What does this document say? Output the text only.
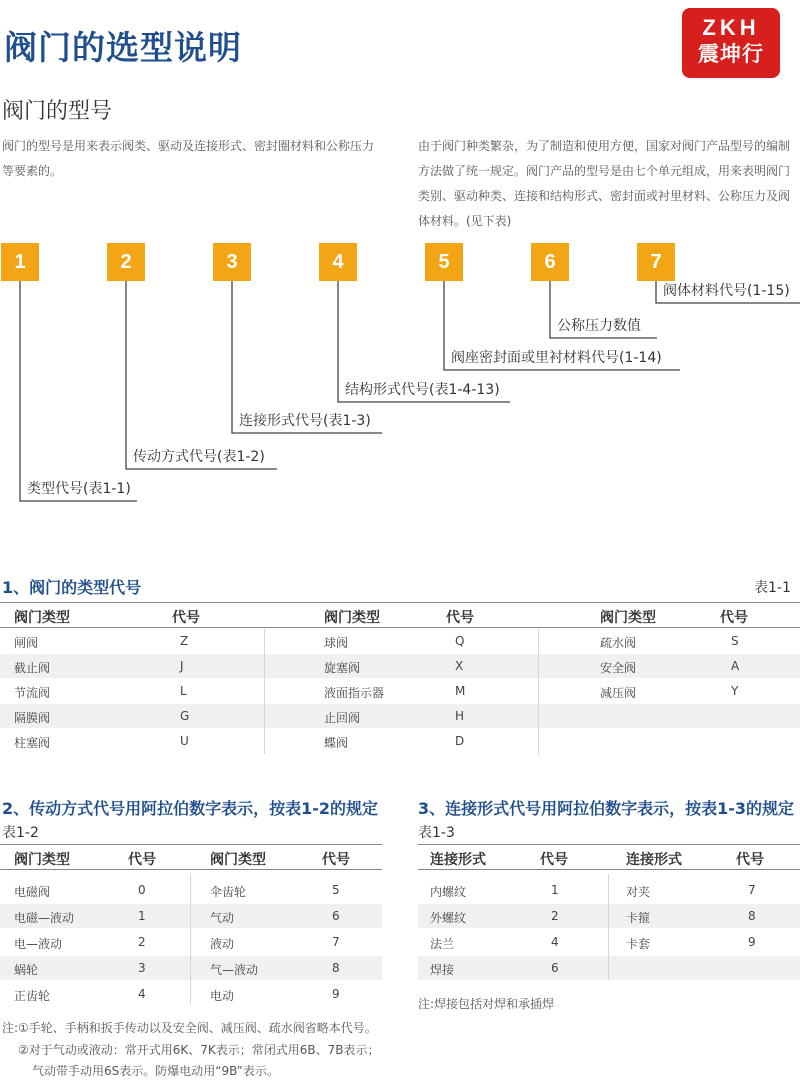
阀门的选型说明
ZKH
震坤行
阀门的型号
阀门的型号是用来表示阀类、驱动及连接形式、密封圈材料和公称压力等要素的。
由于阀门种类繁杂，为了制造和使用方便，国家对阀门产品型号的编制方法做了统一规定。阀门产品的型号是由七个单元组成，用来表明阀门类别、驱动种类、连接和结构形式、密封面或衬里材料、公称压力及阀体材料。(见下表)
1	2	3	4	5	6	7
类型代号(表1-1)
传动方式代号(表1-2)
连接形式代号(表1-3)
结构形式代号(表1-4-13)
阀座密封面或里衬材料代号(1-14)
公称压力数值
阀体材料代号(1-15)
1、阀门的类型代号	表1-1
阀门类型	代号	阀门类型	代号	阀门类型	代号
闸阀	Z	球阀	Q	疏水阀	S
截止阀	J	旋塞阀	X	安全阀	A
节流阀	L	液面指示器	M	减压阀	Y
隔膜阀	G	止回阀	H
柱塞阀	U	蝶阀	D
2、传动方式代号用阿拉伯数字表示，按表1-2的规定
表1-2
阀门类型	代号	阀门类型	代号
电磁阀	0	伞齿轮	5
电磁—液动	1	气动	6
电—液动	2	液动	7
蜗轮	3	气—液动	8
正齿轮	4	电动	9
3、连接形式代号用阿拉伯数字表示，按表1-3的规定
表1-3
连接形式	代号	连接形式	代号
内螺纹	1	对夹	7
外螺纹	2	卡箍	8
法兰	4	卡套	9
焊接	6
注:焊接包括对焊和承插焊
注:①手轮、手柄和扳手传动以及安全阀、减压阀、疏水阀省略本代号。
②对于气动或液动：常开式用6K、7K表示；常闭式用6B、7B表示；
气动带手动用6S表示。防爆电动用“9B”表示。
